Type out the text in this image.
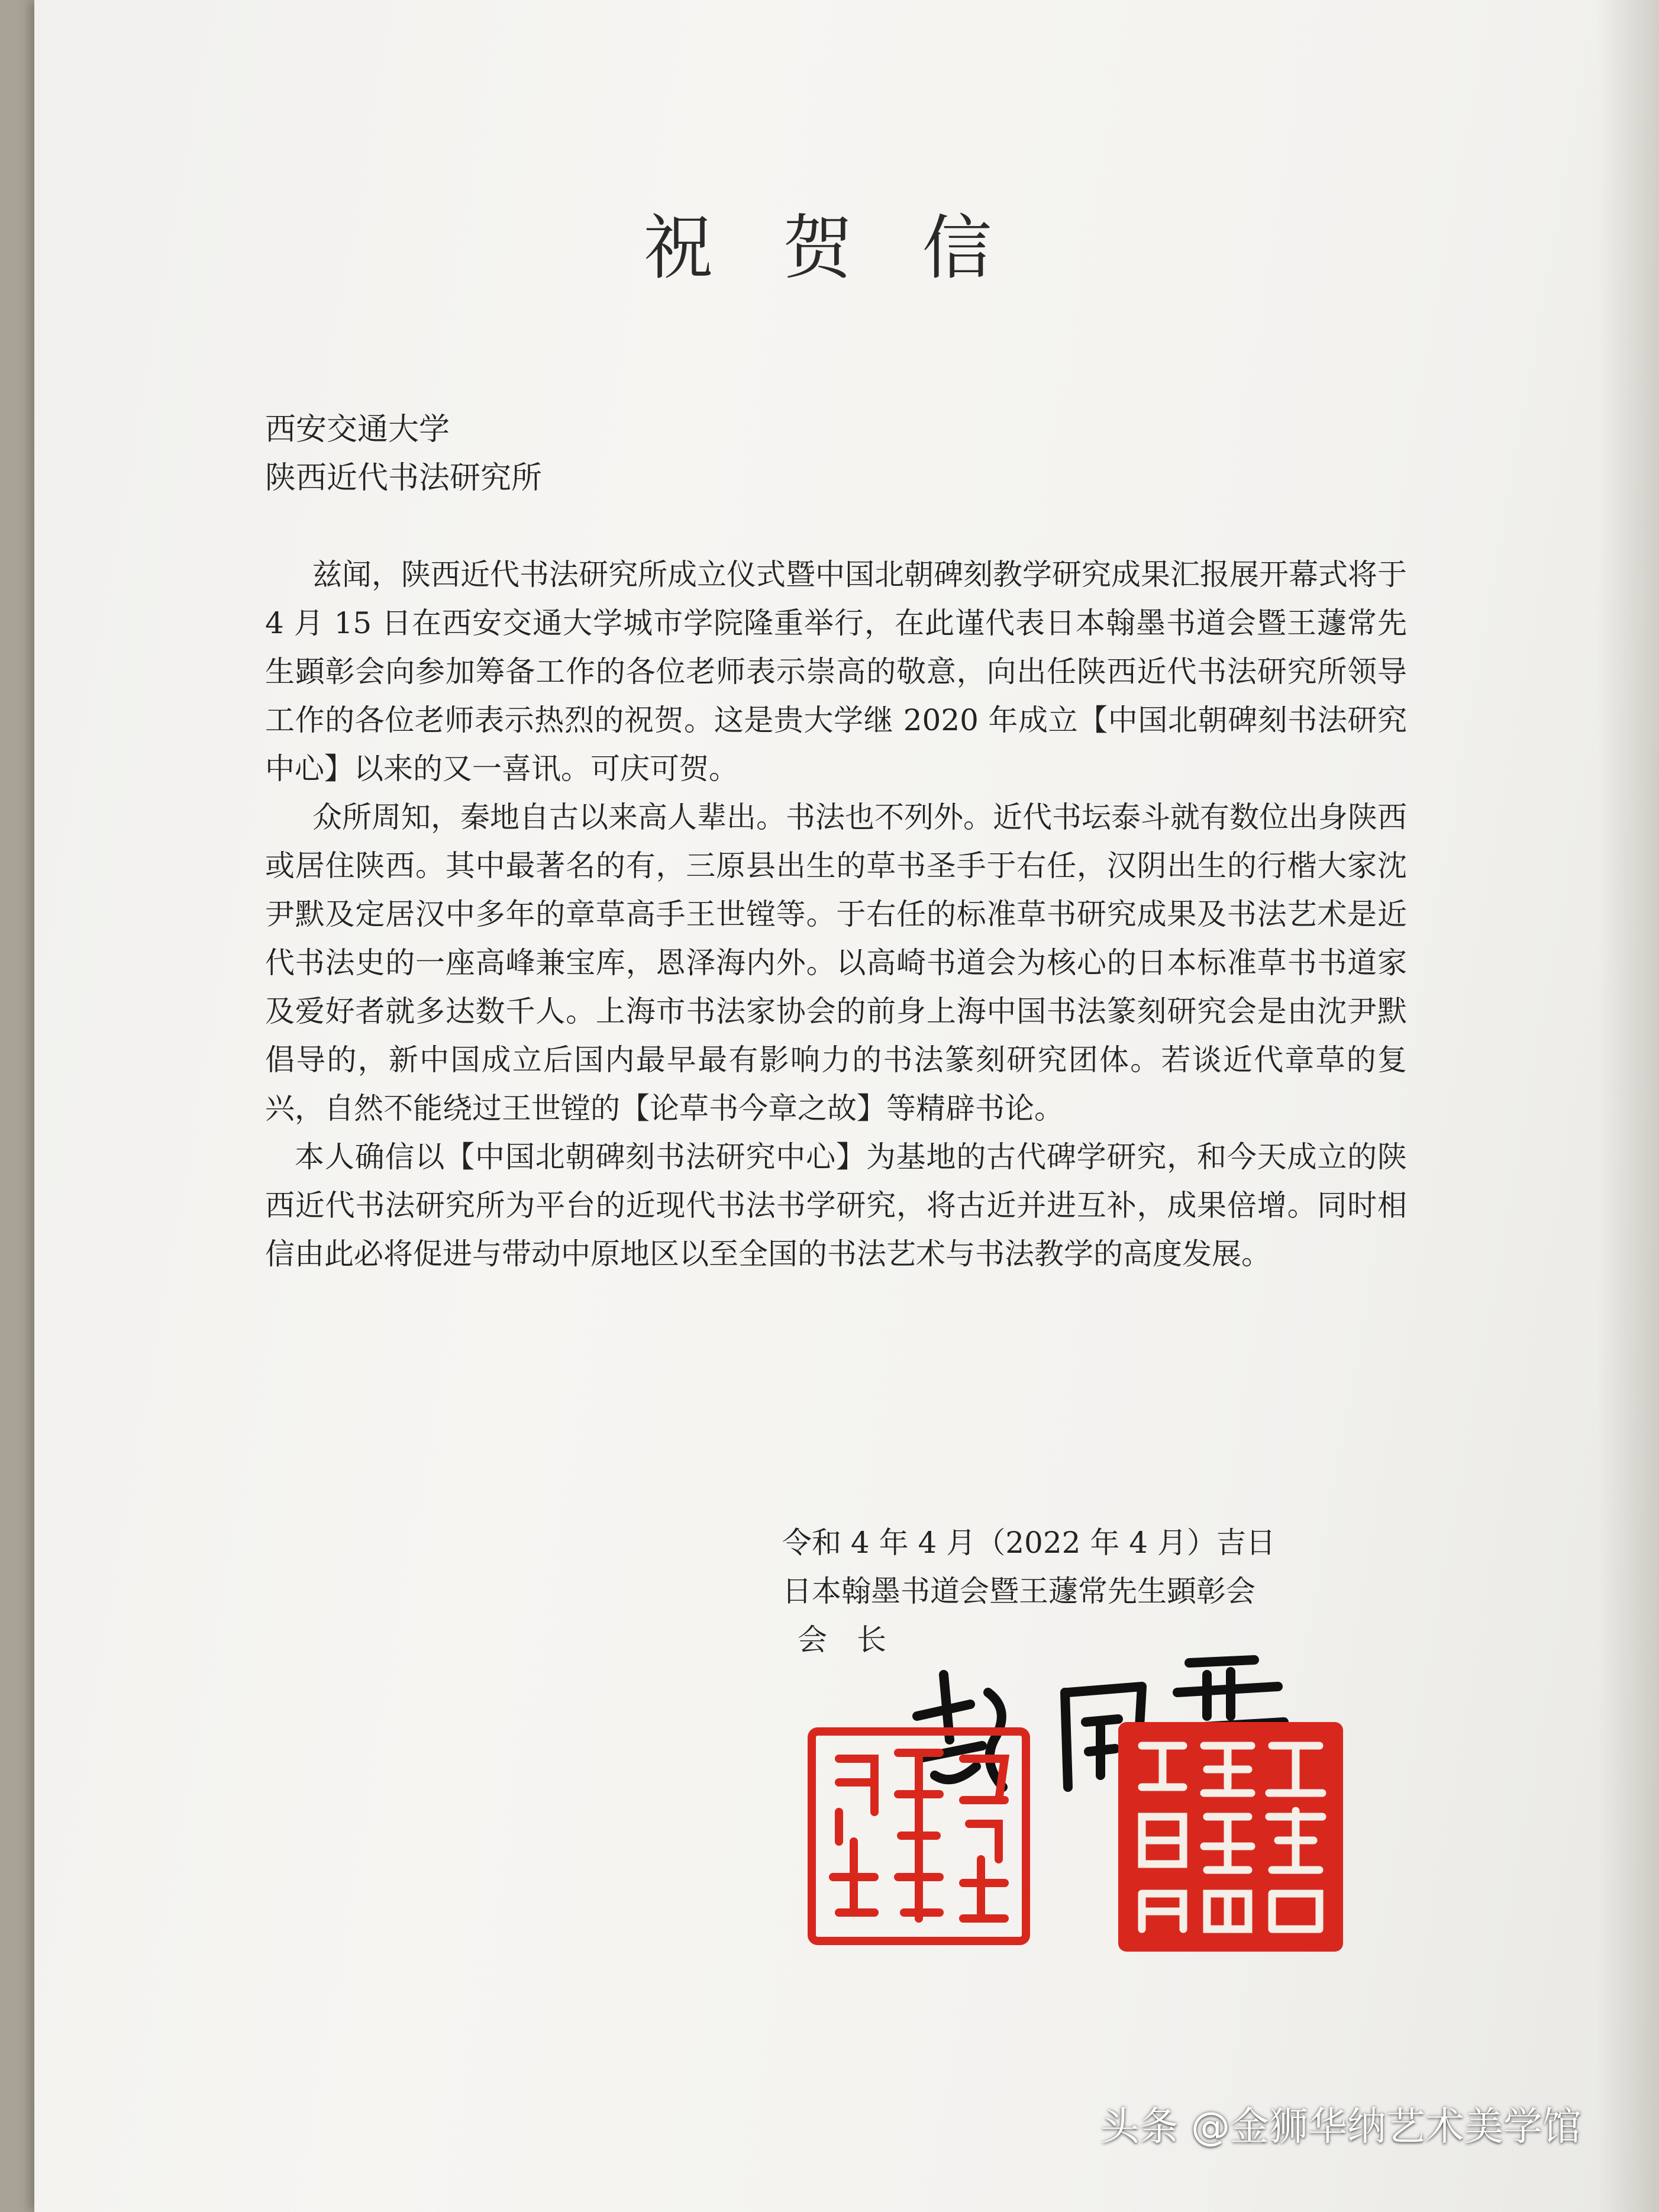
祝 贺 信
西安交通大学
陕西近代书法研究所

兹闻，陕西近代书法研究所成立仪式暨中国北朝碑刻教学研究成果汇报展开幕式将于 4 月 15 日在西安交通大学城市学院隆重举行，在此谨代表日本翰墨书道会暨王蘧常先生顕彰会向参加筹备工作的各位老师表示崇高的敬意，向出任陕西近代书法研究所领导工作的各位老师表示热烈的祝贺。这是贵大学继 2020 年成立【中国北朝碑刻书法研究中心】以来的又一喜讯。可庆可贺。

众所周知，秦地自古以来高人辈出。书法也不列外。近代书坛泰斗就有数位出身陕西或居住陕西。其中最著名的有，三原县出生的草书圣手于右任，汉阴出生的行楷大家沈尹默及定居汉中多年的章草高手王世镗等。于右任的标准草书研究成果及书法艺术是近代书法史的一座高峰兼宝库，恩泽海内外。以高崎书道会为核心的日本标准草书书道家及爱好者就多达数千人。上海市书法家协会的前身上海中国书法篆刻研究会是由沈尹默倡导的，新中国成立后国内最早最有影响力的书法篆刻研究团体。若谈近代章草的复兴，自然不能绕过王世镗的【论草书今章之故】等精辟书论。

本人确信以【中国北朝碑刻书法研究中心】为基地的古代碑学研究，和今天成立的陕西近代书法研究所为平台的近现代书法书学研究，将古近并进互补，成果倍增。同时相信由此必将促进与带动中原地区以至全国的书法艺术与书法教学的高度发展。

令和 4 年 4 月（2022 年 4 月）吉日
日本翰墨书道会暨王蘧常先生顕彰会
会　长
头条 @金狮华纳艺术美学馆
